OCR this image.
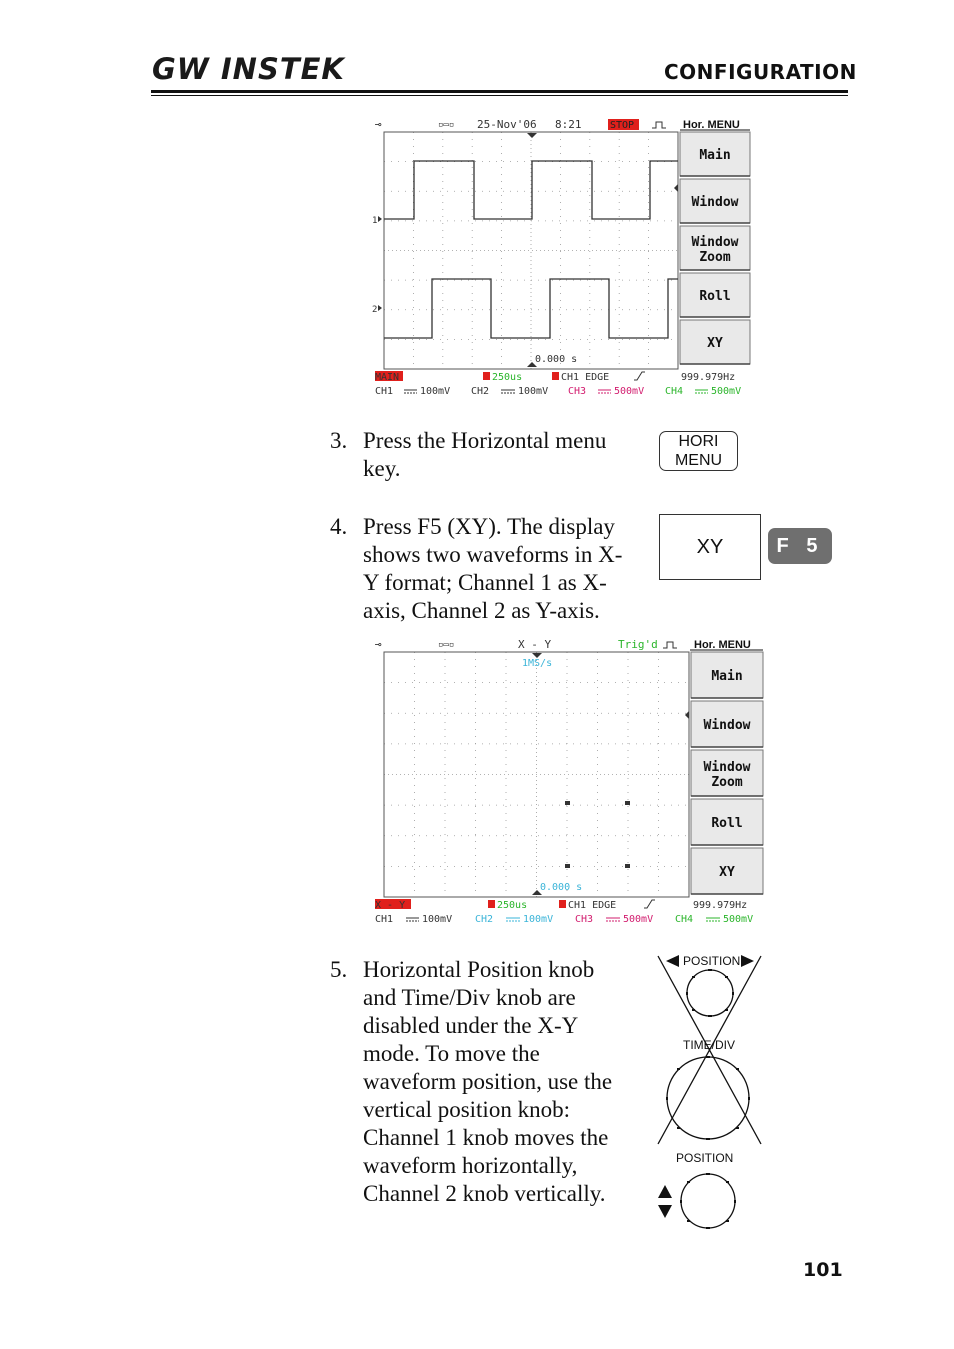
GW INSTEK	CONFIGURATION
⊸	▫▭▫ 25-Nov'06 8:21	STOP	Hor. MENU
1
2
0.000 s
Main
Window
Window
Zoom
Roll
XY
MAIN	250us	CH1 EDGE	999.979Hz
CH1	100mV CH2	100mV CH3	500mV CH4	500mV
3. Press the Horizontal menu
key.
HORI
MENU
4. Press F5 (XY). The display
shows two waveforms in X-
Y format; Channel 1 as X-
axis, Channel 2 as Y-axis.
XY	F 5
⊸	▫▭▫	X - Y	Trig'd	Hor. MENU
1MS/s
0.000 s
Main
Window
Window
Zoom
Roll
XY
X - Y	250us	CH1 EDGE	999.979Hz
CH1	100mV CH2	100mV CH3	500mV CH4	500mV
5. Horizontal Position knob
and Time/Div knob are
disabled under the X-Y
mode. To move the
waveform position, use the
vertical position knob:
Channel 1 knob moves the
waveform horizontally,
Channel 2 knob vertically.
POSITION
TIME/DIV
POSITION
101
